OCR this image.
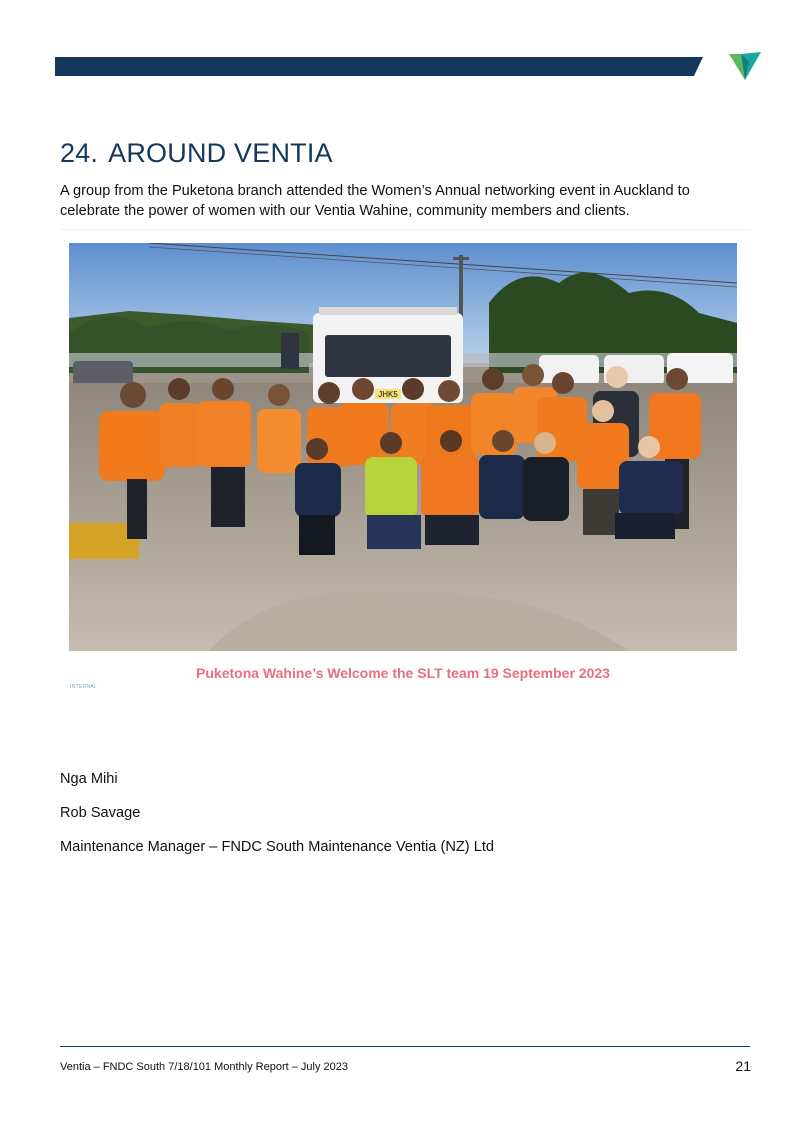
24. AROUND VENTIA

A group from the Puketona branch attended the Women’s Annual networking event in Auckland to celebrate the power of women with our Ventia Wahine, community members and clients.

JHK5

Puketona Wahine’s Welcome the SLT team 19 September 2023

INTERNAL

Nga Mihi

Rob Savage

Maintenance Manager – FNDC South Maintenance Ventia (NZ) Ltd

Ventia – FNDC South 7/18/101 Monthly Report – July 2023	21
